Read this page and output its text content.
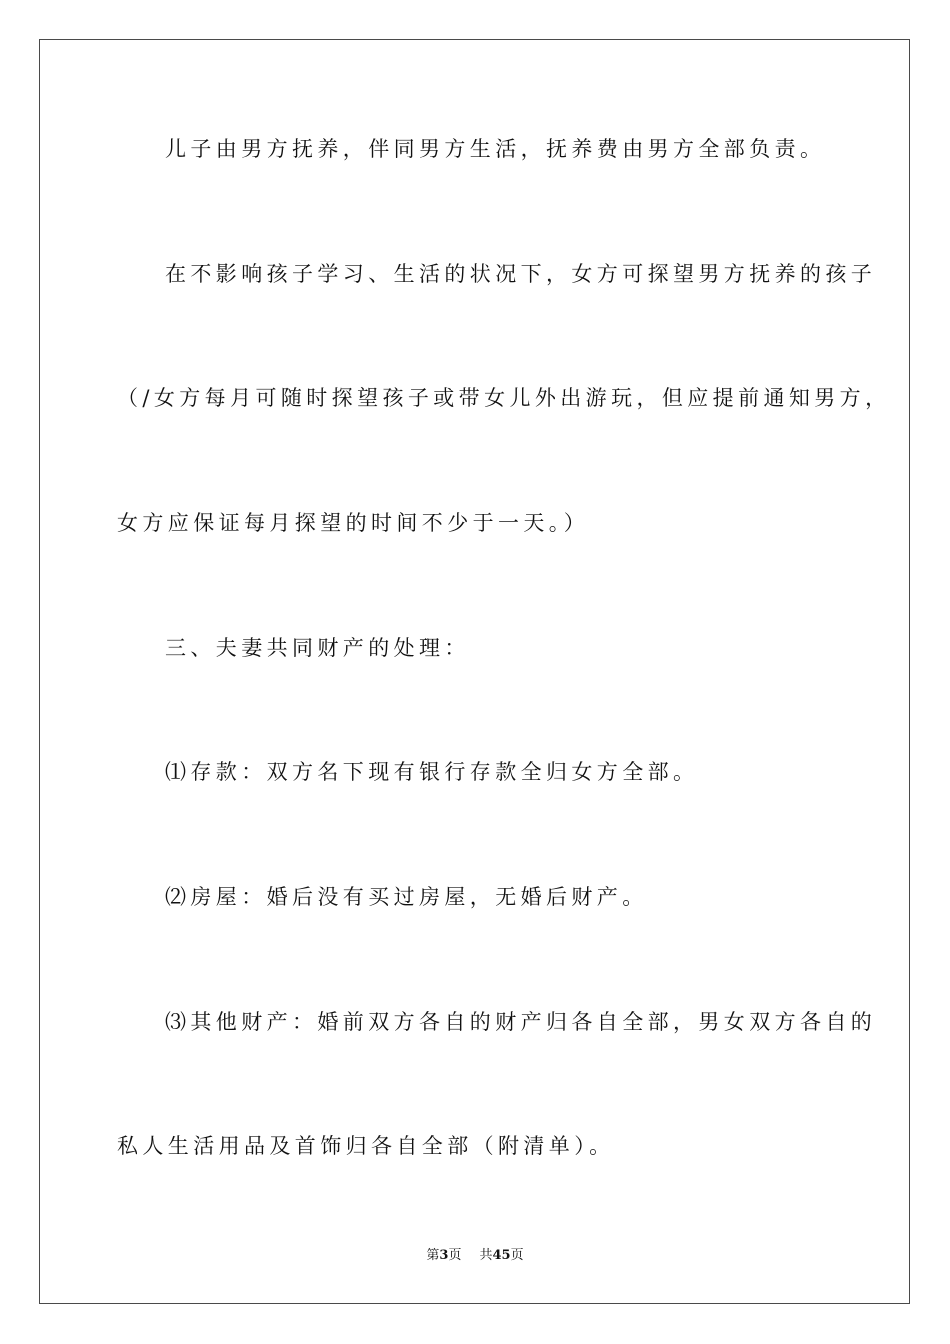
儿子由男方抚养，伴同男方生活，抚养费由男方全部负责。
在不影响孩子学习、生活的状况下，女方可探望男方抚养的孩子
（/女方每月可随时探望孩子或带女儿外出游玩，但应提前通知男方，
女方应保证每月探望的时间不少于一天。）
三、夫妻共同财产的处理：
⑴存款：双方名下现有银行存款全归女方全部。
⑵房屋：婚后没有买过房屋，无婚后财产。
⑶其他财产：婚前双方各自的财产归各自全部，男女双方各自的
私人生活用品及首饰归各自全部（附清单）。
第3页 共45页
